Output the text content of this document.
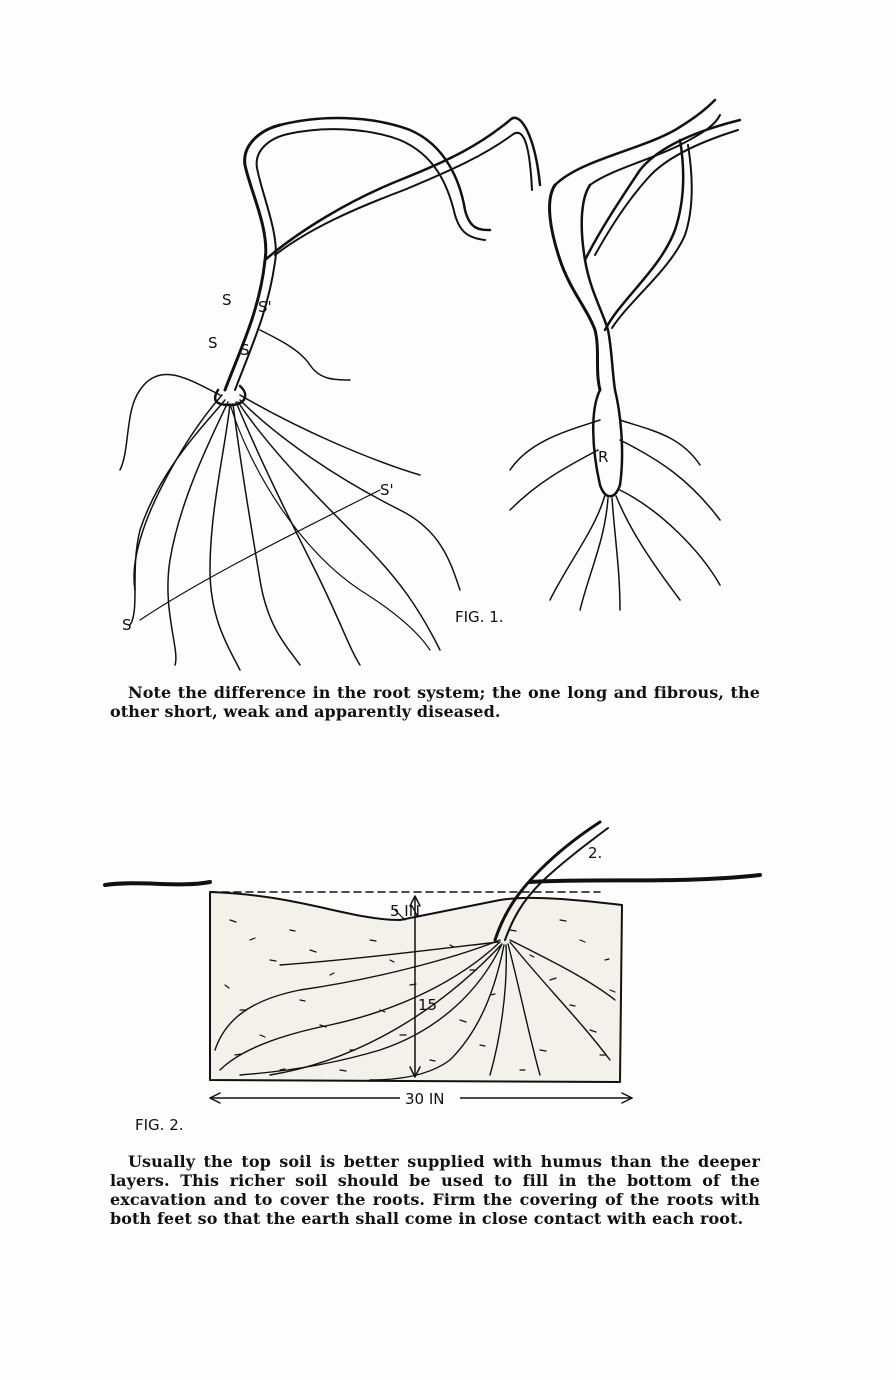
S S'
S S
S'
S
R
FIG. 1.
Note the difference in the root system; the one long and fibrous, the other short, weak and apparently diseased.
5 IN
15
30 IN
2.
FIG. 2.
Usually the top soil is better supplied with humus than the deeper layers. This richer soil should be used to fill in the bottom of the excavation and to cover the roots. Firm the covering of the roots with both feet so that the earth shall come in close contact with each root.
